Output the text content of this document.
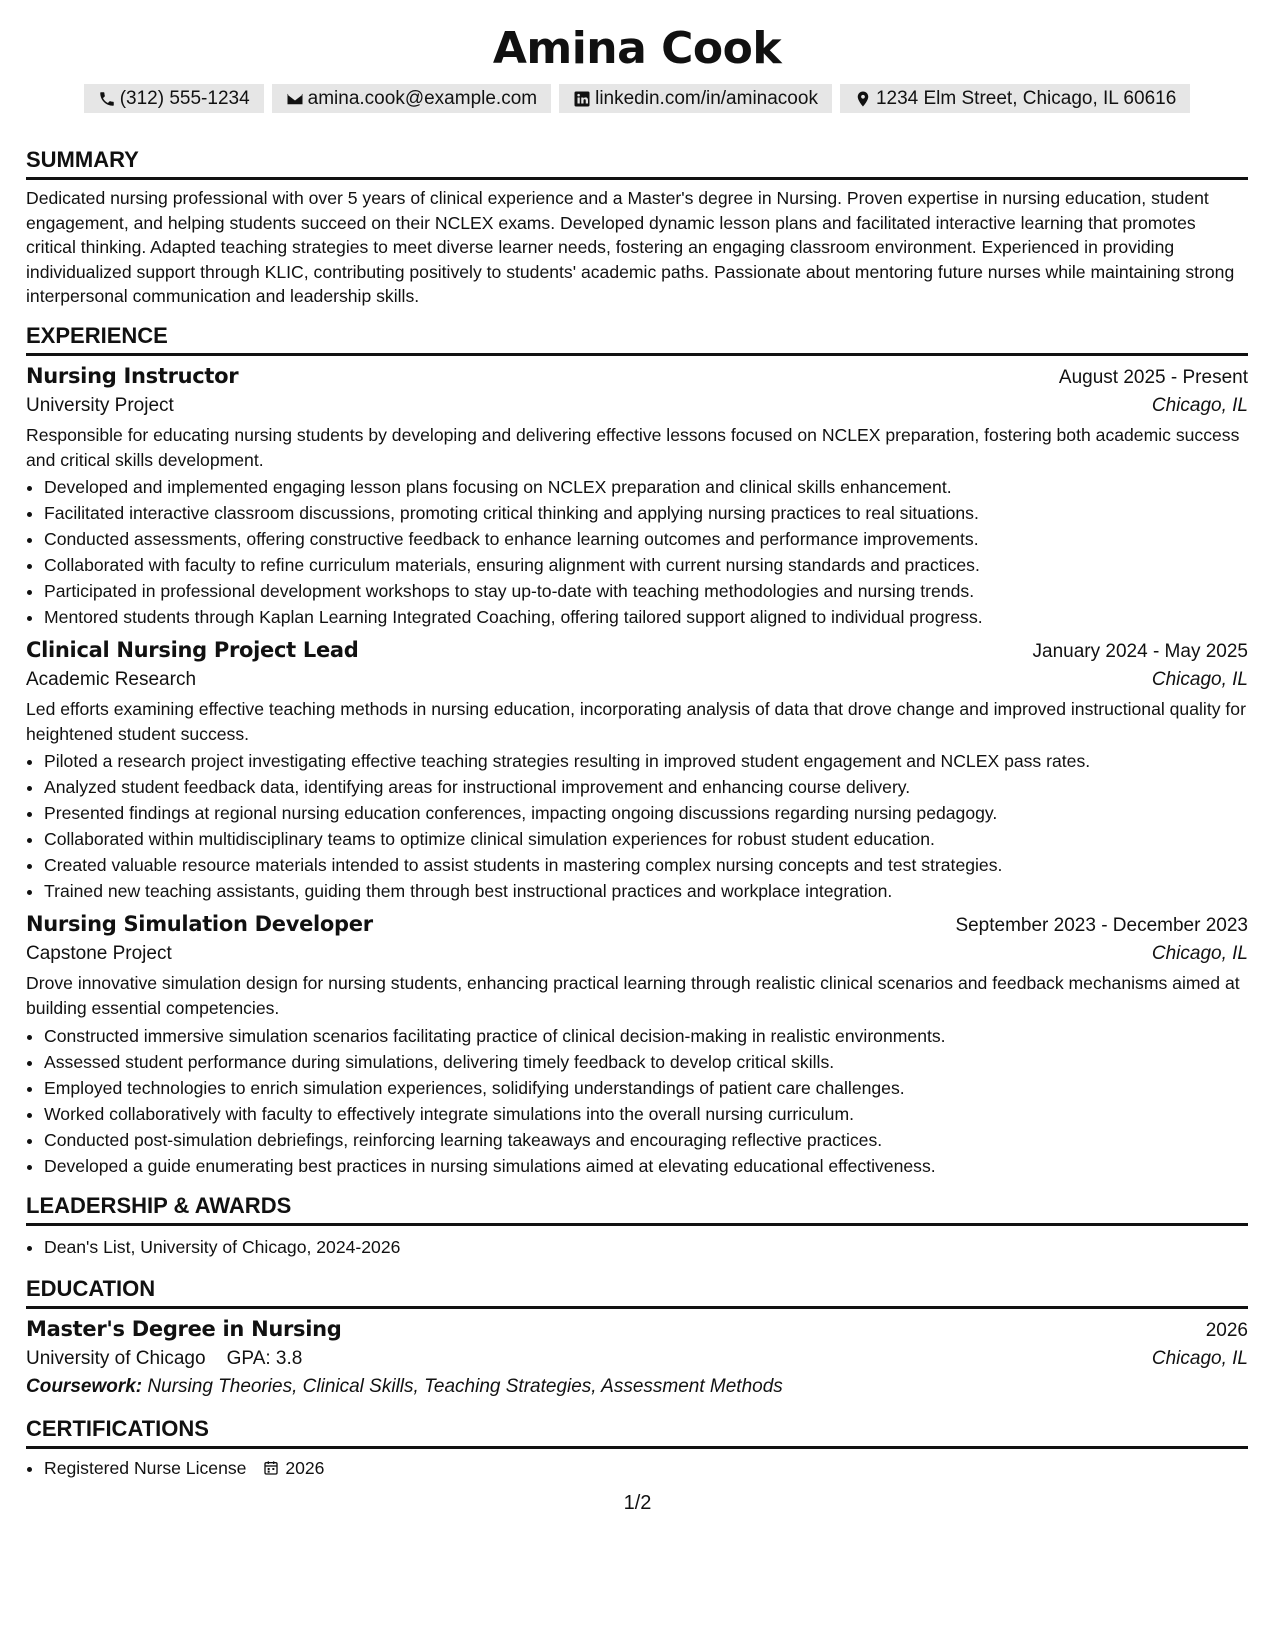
Amina Cook
(312) 555-1234	amina.cook@example.com	linkedin.com/in/aminacook	1234 Elm Street, Chicago, IL 60616
SUMMARY
Dedicated nursing professional with over 5 years of clinical experience and a Master's degree in Nursing. Proven expertise in nursing education, student engagement, and helping students succeed on their NCLEX exams. Developed dynamic lesson plans and facilitated interactive learning that promotes critical thinking. Adapted teaching strategies to meet diverse learner needs, fostering an engaging classroom environment. Experienced in providing individualized support through KLIC, contributing positively to students' academic paths. Passionate about mentoring future nurses while maintaining strong interpersonal communication and leadership skills.
EXPERIENCE
Nursing Instructor	August 2025 - Present
University Project	Chicago, IL
Responsible for educating nursing students by developing and delivering effective lessons focused on NCLEX preparation, fostering both academic success and critical skills development.
• Developed and implemented engaging lesson plans focusing on NCLEX preparation and clinical skills enhancement.
• Facilitated interactive classroom discussions, promoting critical thinking and applying nursing practices to real situations.
• Conducted assessments, offering constructive feedback to enhance learning outcomes and performance improvements.
• Collaborated with faculty to refine curriculum materials, ensuring alignment with current nursing standards and practices.
• Participated in professional development workshops to stay up-to-date with teaching methodologies and nursing trends.
• Mentored students through Kaplan Learning Integrated Coaching, offering tailored support aligned to individual progress.
Clinical Nursing Project Lead	January 2024 - May 2025
Academic Research	Chicago, IL
Led efforts examining effective teaching methods in nursing education, incorporating analysis of data that drove change and improved instructional quality for heightened student success.
• Piloted a research project investigating effective teaching strategies resulting in improved student engagement and NCLEX pass rates.
• Analyzed student feedback data, identifying areas for instructional improvement and enhancing course delivery.
• Presented findings at regional nursing education conferences, impacting ongoing discussions regarding nursing pedagogy.
• Collaborated within multidisciplinary teams to optimize clinical simulation experiences for robust student education.
• Created valuable resource materials intended to assist students in mastering complex nursing concepts and test strategies.
• Trained new teaching assistants, guiding them through best instructional practices and workplace integration.
Nursing Simulation Developer	September 2023 - December 2023
Capstone Project	Chicago, IL
Drove innovative simulation design for nursing students, enhancing practical learning through realistic clinical scenarios and feedback mechanisms aimed at building essential competencies.
• Constructed immersive simulation scenarios facilitating practice of clinical decision-making in realistic environments.
• Assessed student performance during simulations, delivering timely feedback to develop critical skills.
• Employed technologies to enrich simulation experiences, solidifying understandings of patient care challenges.
• Worked collaboratively with faculty to effectively integrate simulations into the overall nursing curriculum.
• Conducted post-simulation debriefings, reinforcing learning takeaways and encouraging reflective practices.
• Developed a guide enumerating best practices in nursing simulations aimed at elevating educational effectiveness.
LEADERSHIP & AWARDS
• Dean's List, University of Chicago, 2024-2026
EDUCATION
Master's Degree in Nursing	2026
University of Chicago GPA: 3.8	Chicago, IL
Coursework: Nursing Theories, Clinical Skills, Teaching Strategies, Assessment Methods
CERTIFICATIONS
• Registered Nurse License
2026
1/2
